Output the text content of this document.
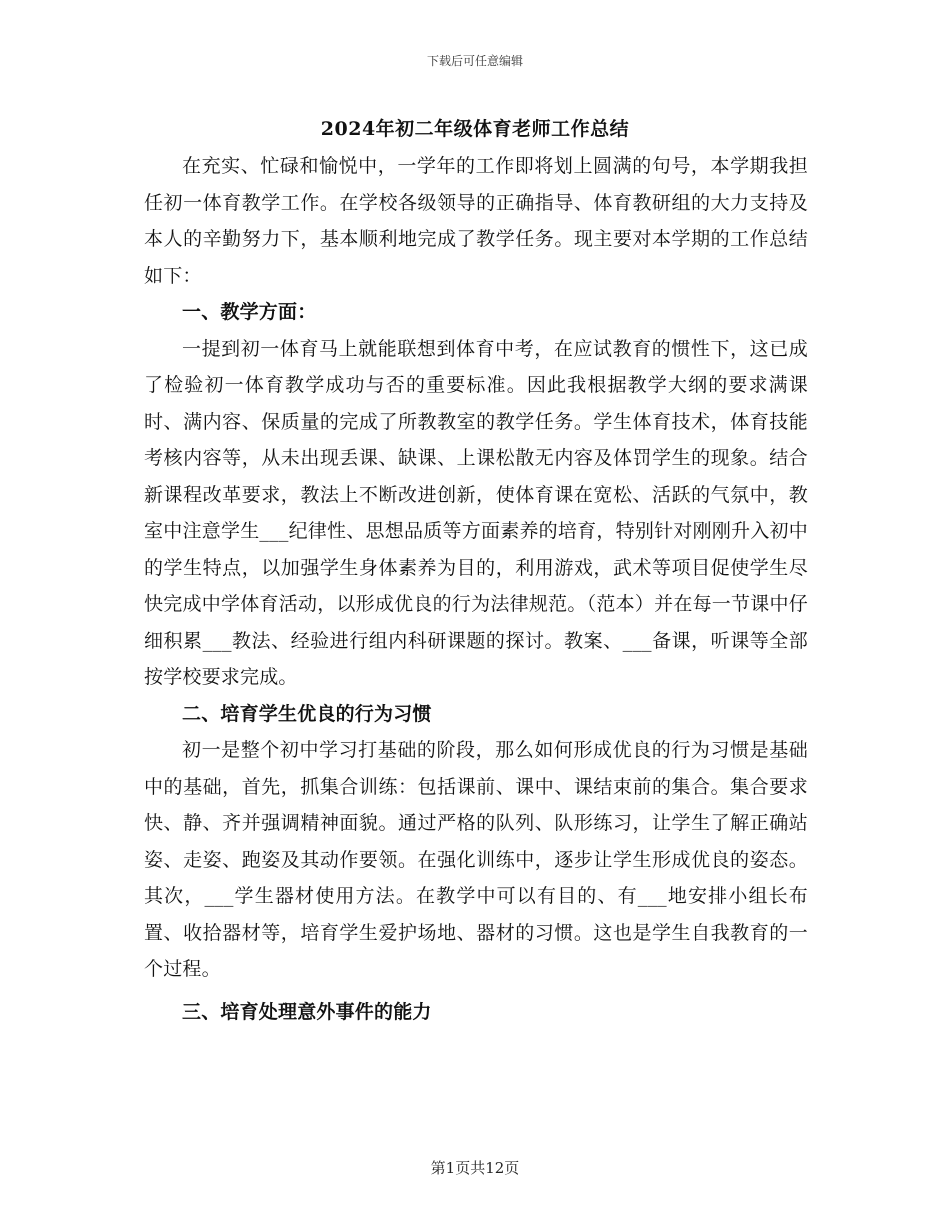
下载后可任意编辑
2024年初二年级体育老师工作总结

在充实、忙碌和愉悦中，一学年的工作即将划上圆满的句号，本学期我担任初一体育教学工作。在学校各级领导的正确指导、体育教研组的大力支持及本人的辛勤努力下，基本顺利地完成了教学任务。现主要对本学期的工作总结如下：

一、教学方面：

一提到初一体育马上就能联想到体育中考，在应试教育的惯性下，这已成了检验初一体育教学成功与否的重要标准。因此我根据教学大纲的要求满课时、满内容、保质量的完成了所教教室的教学任务。学生体育技术，体育技能考核内容等，从未出现丢课、缺课、上课松散无内容及体罚学生的现象。结合新课程改革要求，教法上不断改进创新，使体育课在宽松、活跃的气氛中，教室中注意学生___纪律性、思想品质等方面素养的培育，特别针对刚刚升入初中的学生特点，以加强学生身体素养为目的，利用游戏，武术等项目促使学生尽快完成中学体育活动，以形成优良的行为法律规范。（范本）并在每一节课中仔细积累___教法、经验进行组内科研课题的探讨。教案、___备课，听课等全部按学校要求完成。

二、培育学生优良的行为习惯

初一是整个初中学习打基础的阶段，那么如何形成优良的行为习惯是基础中的基础，首先，抓集合训练：包括课前、课中、课结束前的集合。集合要求快、静、齐并强调精神面貌。通过严格的队列、队形练习，让学生了解正确站姿、走姿、跑姿及其动作要领。在强化训练中，逐步让学生形成优良的姿态。其次，___学生器材使用方法。在教学中可以有目的、有___地安排小组长布置、收拾器材等，培育学生爱护场地、器材的习惯。这也是学生自我教育的一个过程。

三、培育处理意外事件的能力
第1页共12页
